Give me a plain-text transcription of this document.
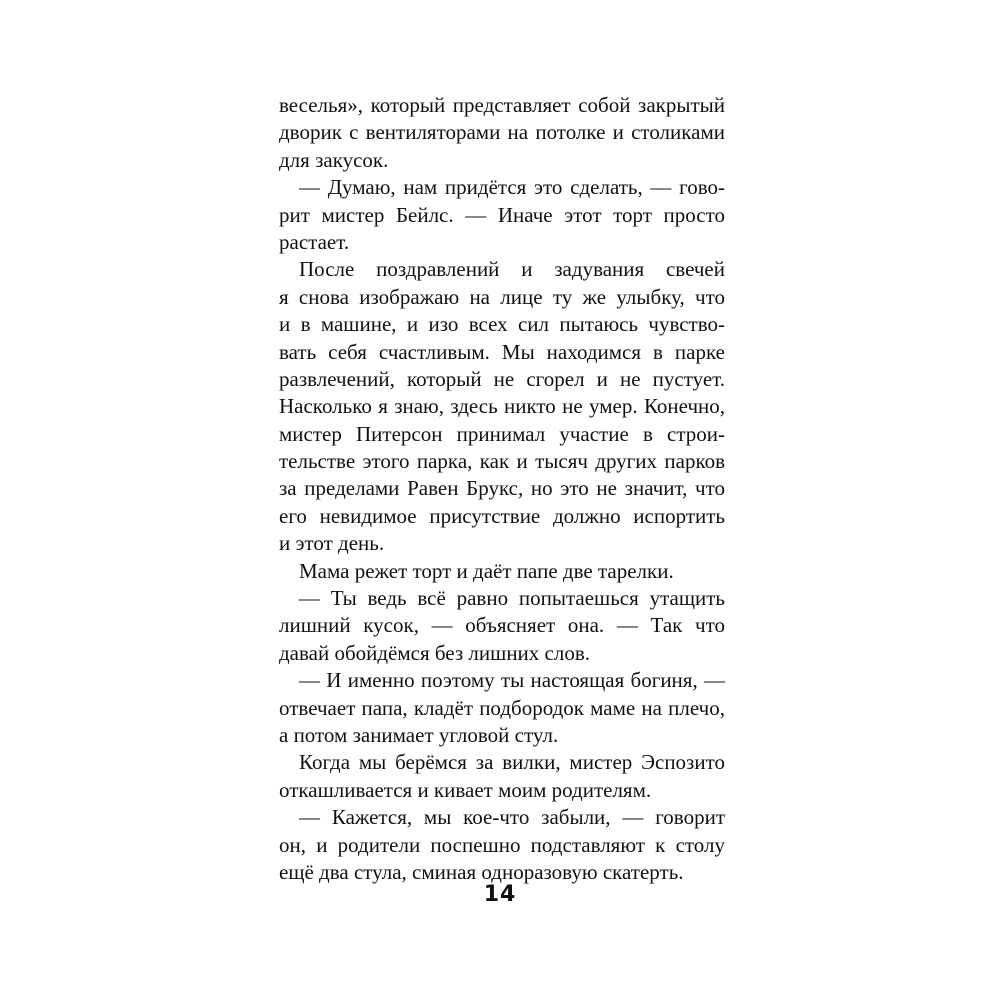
веселья», который представляет собой закрытый
дворик с вентиляторами на потолке и столиками
для закусок.
— Думаю, нам придётся это сделать, — гово-
рит мистер Бейлс. — Иначе этот торт просто
растает.
После поздравлений и задувания свечей
я снова изображаю на лице ту же улыбку, что
и в машине, и изо всех сил пытаюсь чувство-
вать себя счастливым. Мы находимся в парке
развлечений, который не сгорел и не пустует.
Насколько я знаю, здесь никто не умер. Конечно,
мистер Питерсон принимал участие в строи-
тельстве этого парка, как и тысяч других парков
за пределами Равен Брукс, но это не значит, что
его невидимое присутствие должно испортить
и этот день.
Мама режет торт и даёт папе две тарелки.
— Ты ведь всё равно попытаешься утащить
лишний кусок, — объясняет она. — Так что
давай обойдёмся без лишних слов.
— И именно поэтому ты настоящая богиня, —
отвечает папа, кладёт подбородок маме на плечо,
а потом занимает угловой стул.
Когда мы берёмся за вилки, мистер Эспозито
откашливается и кивает моим родителям.
— Кажется, мы кое-что забыли, — говорит
он, и родители поспешно подставляют к столу
ещё два стула, сминая одноразовую скатерть.
14
